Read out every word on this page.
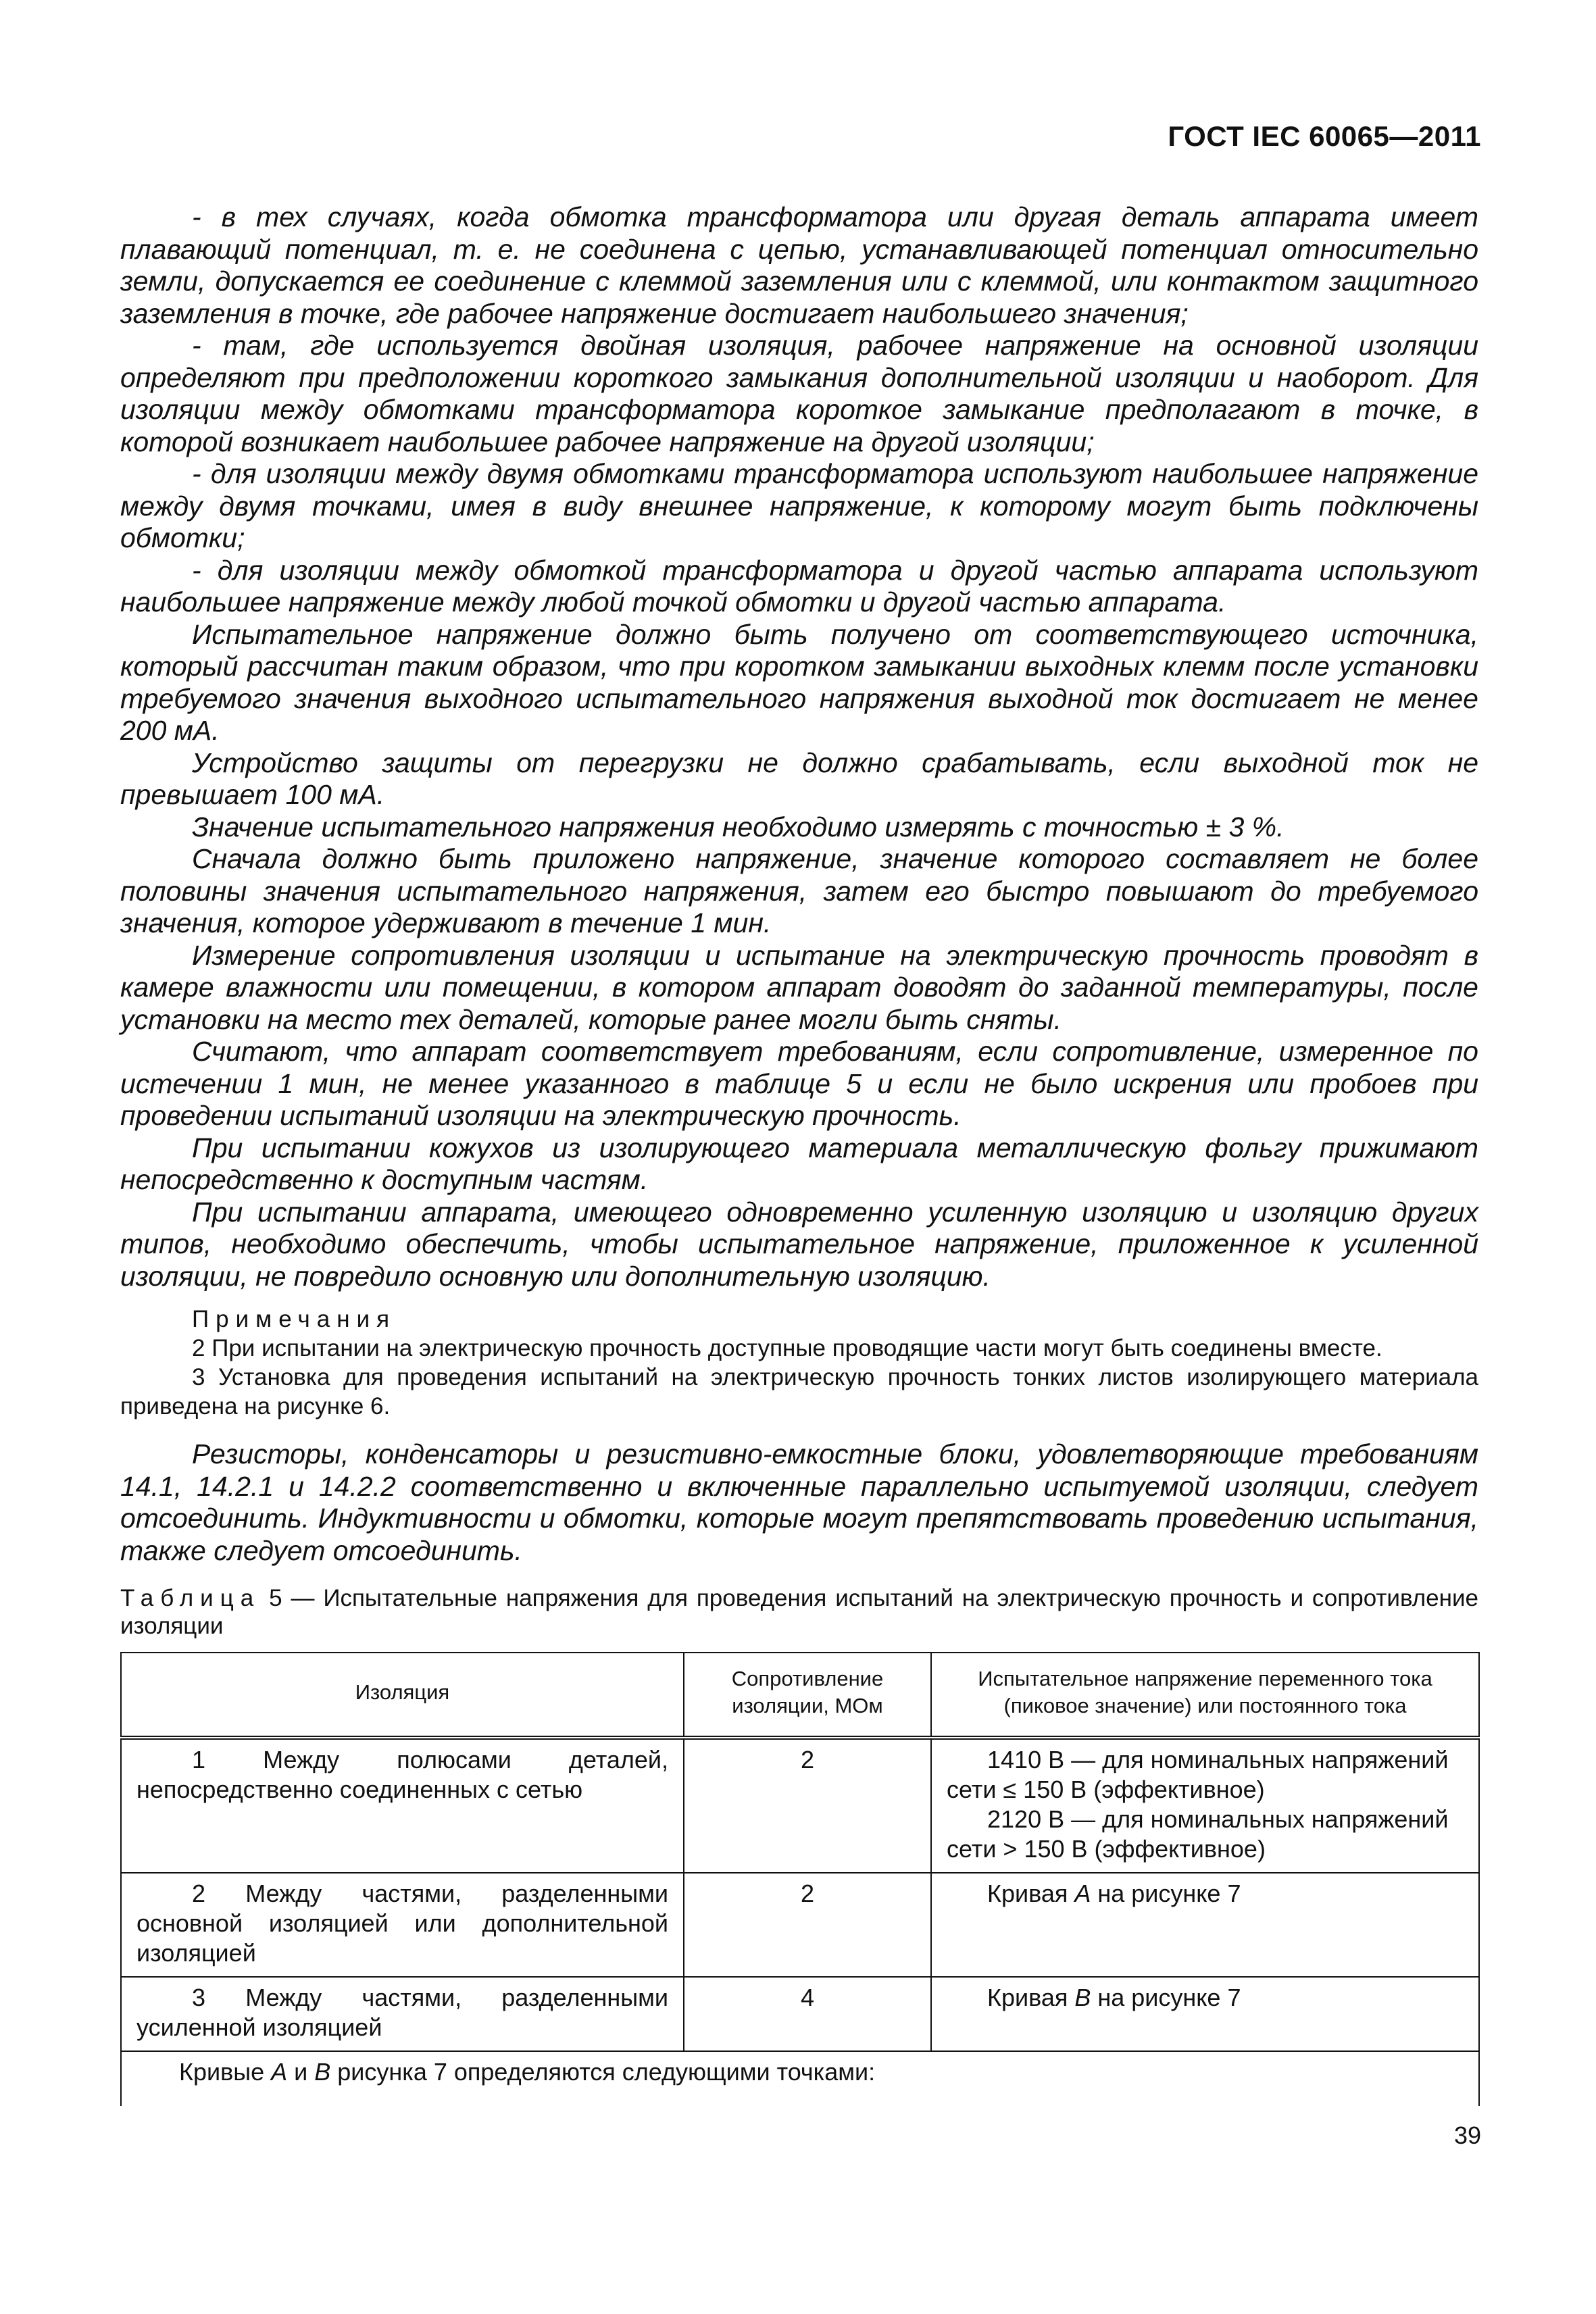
ГОСТ IEC 60065—2011

- в тех случаях, когда обмотка трансформатора или другая деталь аппарата имеет плавающий потенциал, т. е. не соединена с цепью, устанавливающей потенциал относительно земли, допускается ее соединение с клеммой заземления или с клеммой, или контактом защитного заземления в точке, где рабочее напряжение достигает наибольшего значения;

- там, где используется двойная изоляция, рабочее напряжение на основной изоляции определяют при предположении короткого замыкания дополнительной изоляции и наоборот. Для изоляции между обмотками трансформатора короткое замыкание предполагают в точке, в которой возникает наибольшее рабочее напряжение на другой изоляции;

- для изоляции между двумя обмотками трансформатора используют наибольшее напряжение между двумя точками, имея в виду внешнее напряжение, к которому могут быть подключены обмотки;

- для изоляции между обмоткой трансформатора и другой частью аппарата используют наибольшее напряжение между любой точкой обмотки и другой частью аппарата.

Испытательное напряжение должно быть получено от соответствующего источника, который рассчитан таким образом, что при коротком замыкании выходных клемм после установки требуемого значения выходного испытательного напряжения выходной ток достигает не менее 200 мА.

Устройство защиты от перегрузки не должно срабатывать, если выходной ток не превышает 100 мА.

Значение испытательного напряжения необходимо измерять с точностью ± 3 %.

Сначала должно быть приложено напряжение, значение которого составляет не более половины значения испытательного напряжения, затем его быстро повышают до требуемого значения, которое удерживают в течение 1 мин.

Измерение сопротивления изоляции и испытание на электрическую прочность проводят в камере влажности или помещении, в котором аппарат доводят до заданной температуры, после установки на место тех деталей, которые ранее могли быть сняты.

Считают, что аппарат соответствует требованиям, если сопротивление, измеренное по истечении 1 мин, не менее указанного в таблице 5 и если не было искрения или пробоев при проведении испытаний изоляции на электрическую прочность.

При испытании кожухов из изолирующего материала металлическую фольгу прижимают непосредственно к доступным частям.

При испытании аппарата, имеющего одновременно усиленную изоляцию и изоляцию других типов, необходимо обеспечить, чтобы испытательное напряжение, приложенное к усиленной изоляции, не повредило основную или дополнительную изоляцию.

Примечания

2 При испытании на электрическую прочность доступные проводящие части могут быть соединены вместе.

3 Установка для проведения испытаний на электрическую прочность тонких листов изолирующего материала приведена на рисунке 6.

Резисторы, конденсаторы и резистивно-емкостные блоки, удовлетворяющие требованиям 14.1, 14.2.1 и 14.2.2 соответственно и включенные параллельно испытуемой изоляции, следует отсоединить. Индуктивности и обмотки, которые могут препятствовать проведению испытания, также следует отсоединить.

Таблица 5 — Испытательные напряжения для проведения испытаний на электрическую прочность и сопротивление изоляции
Изоляция	Сопротивление изоляции, МОм	Испытательное напряжение переменного тока (пиковое значение) или постоянного тока
1 Между полюсами деталей, непосредственно соединенных с сетью	2	1410 В — для номинальных напряжений сети ≤ 150 В (эффективное)

2120 В — для номинальных напряжений сети > 150 В (эффективное)

2 Между частями, разделенными основной изоляцией или дополнительной изоляцией	2	Кривая A на рисунке 7

3 Между частями, разделенными усиленной изоляцией	4	Кривая B на рисунке 7

Кривые A и B рисунка 7 определяются следующими точками:		
39
